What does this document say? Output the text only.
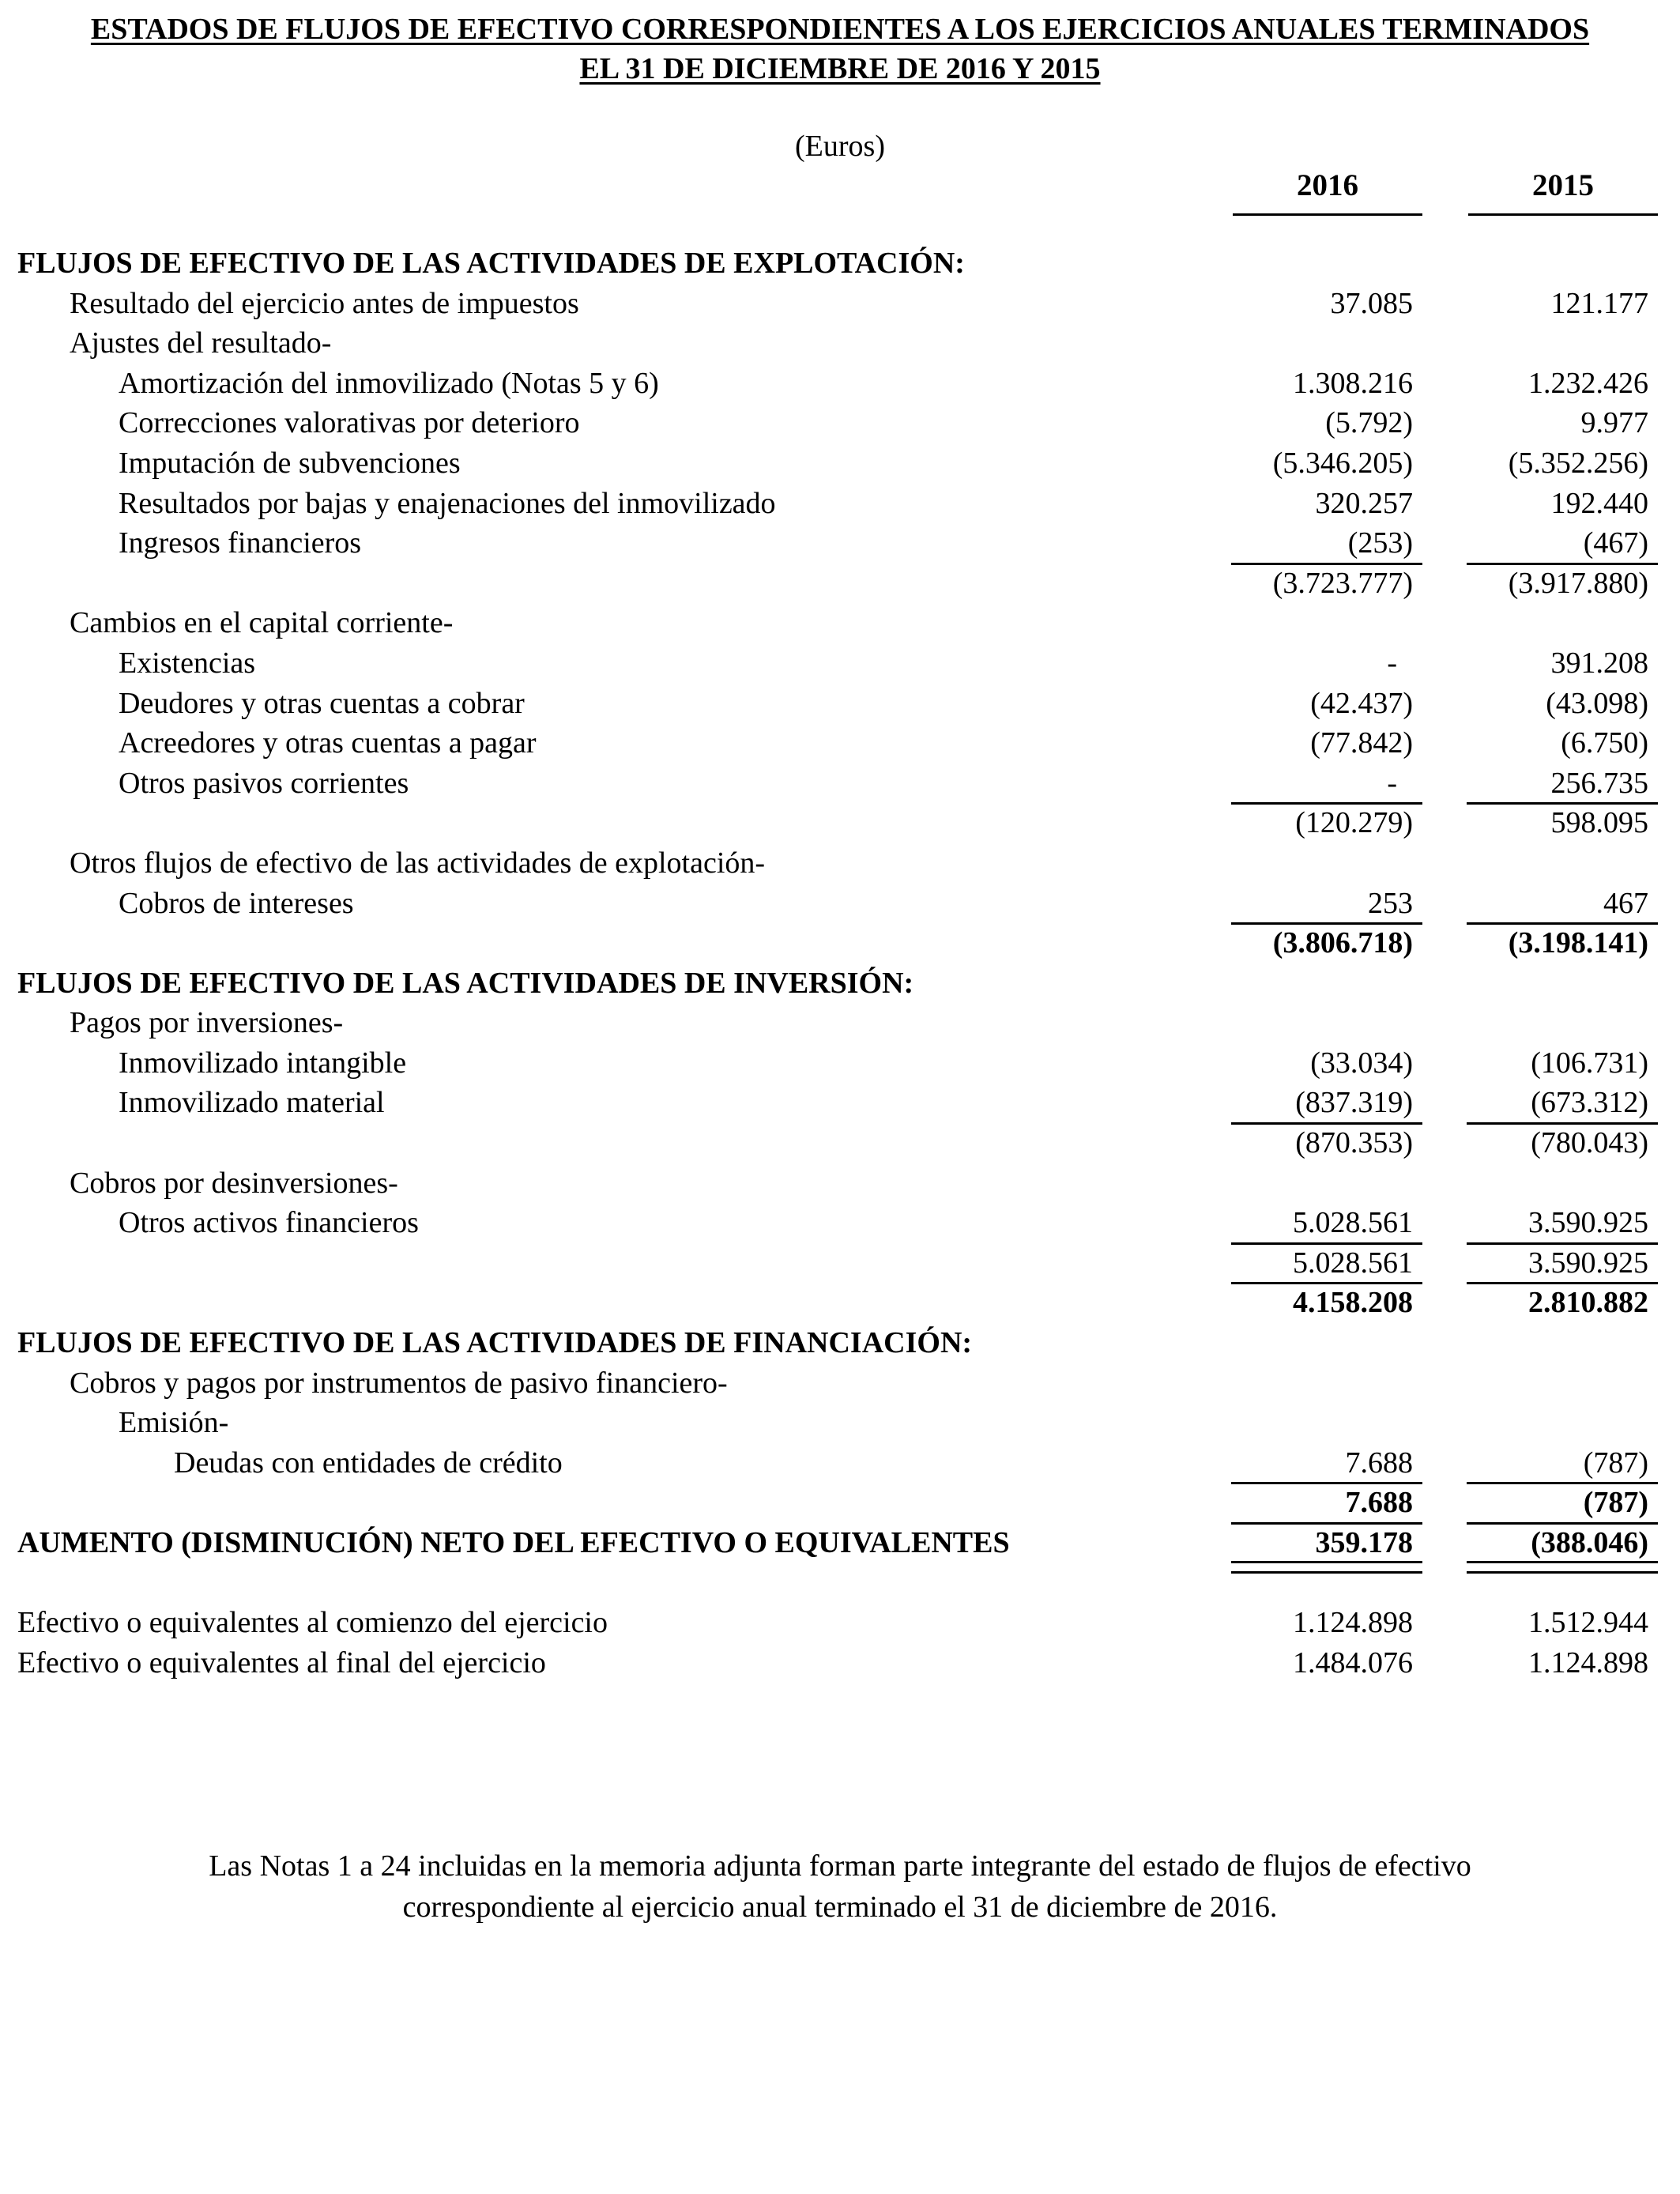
ESTADOS DE FLUJOS DE EFECTIVO CORRESPONDIENTES A LOS EJERCICIOS ANUALES TERMINADOS
EL 31 DE DICIEMBRE DE 2016 Y 2015
(Euros)
2016	2015
FLUJOS DE EFECTIVO DE LAS ACTIVIDADES DE EXPLOTACIÓN:
Resultado del ejercicio antes de impuestos	37.085	121.177
Ajustes del resultado-
Amortización del inmovilizado (Notas 5 y 6)	1.308.216	1.232.426
Correcciones valorativas por deterioro	(5.792)	9.977
Imputación de subvenciones	(5.346.205)	(5.352.256)
Resultados por bajas y enajenaciones del inmovilizado	320.257	192.440
Ingresos financieros	(253)	(467)
(3.723.777)	(3.917.880)
Cambios en el capital corriente-
Existencias	-	391.208
Deudores y otras cuentas a cobrar	(42.437)	(43.098)
Acreedores y otras cuentas a pagar	(77.842)	(6.750)
Otros pasivos corrientes	-	256.735
(120.279)	598.095
Otros flujos de efectivo de las actividades de explotación-
Cobros de intereses	253	467
(3.806.718)	(3.198.141)
FLUJOS DE EFECTIVO DE LAS ACTIVIDADES DE INVERSIÓN:
Pagos por inversiones-
Inmovilizado intangible	(33.034)	(106.731)
Inmovilizado material	(837.319)	(673.312)
(870.353)	(780.043)
Cobros por desinversiones-
Otros activos financieros	5.028.561	3.590.925
5.028.561	3.590.925
4.158.208	2.810.882
FLUJOS DE EFECTIVO DE LAS ACTIVIDADES DE FINANCIACIÓN:
Cobros y pagos por instrumentos de pasivo financiero-
Emisión-
Deudas con entidades de crédito	7.688	(787)
7.688	(787)
AUMENTO (DISMINUCIÓN) NETO DEL EFECTIVO O EQUIVALENTES	359.178	(388.046)
Efectivo o equivalentes al comienzo del ejercicio	1.124.898	1.512.944
Efectivo o equivalentes al final del ejercicio	1.484.076	1.124.898
Las Notas 1 a 24 incluidas en la memoria adjunta forman parte integrante del estado de flujos de efectivo
correspondiente al ejercicio anual terminado el 31 de diciembre de 2016.
